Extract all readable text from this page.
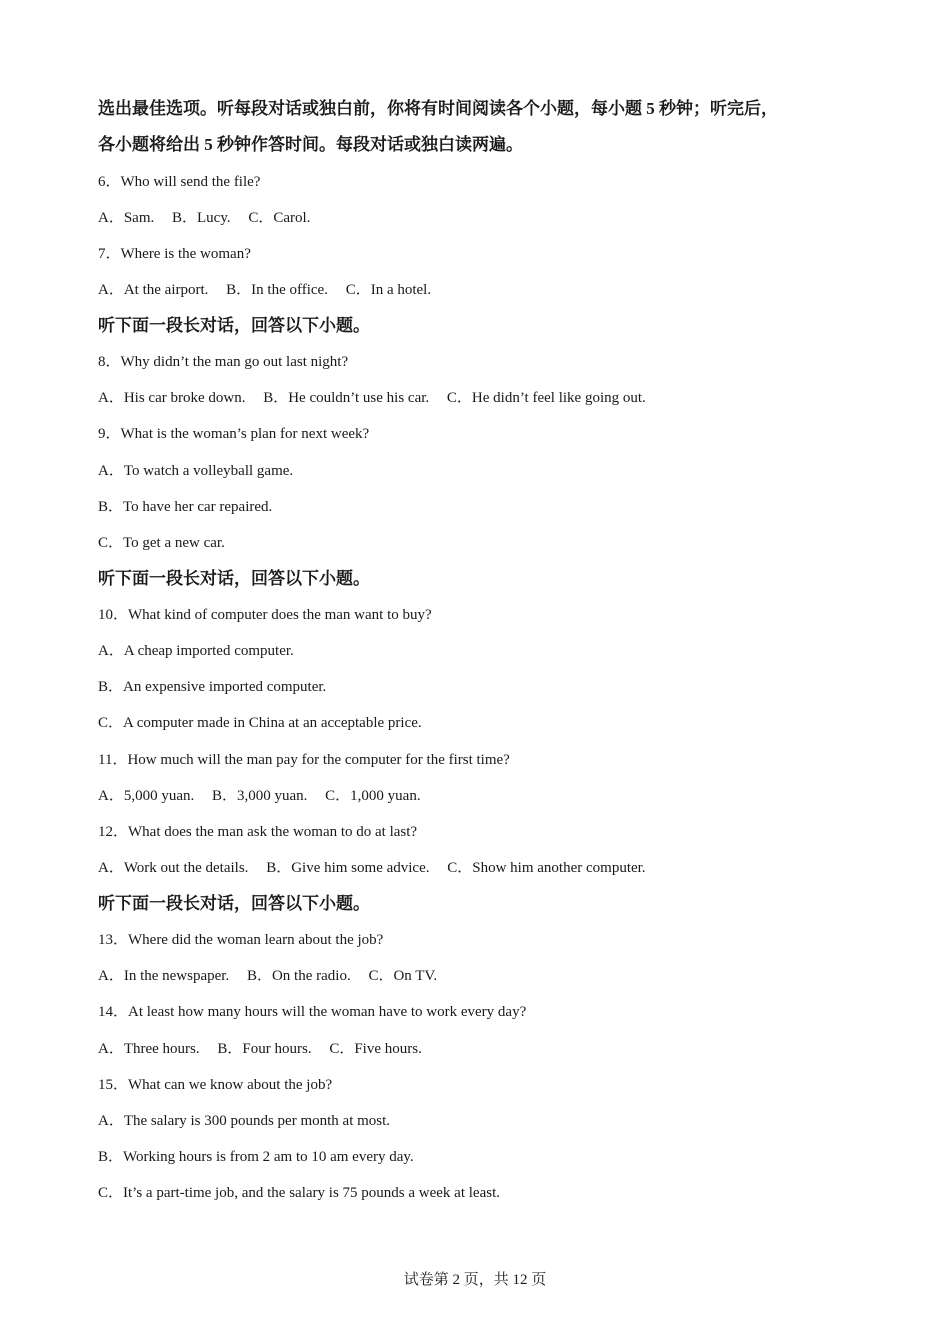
选出最佳选项。听每段对话或独白前，你将有时间阅读各个小题，每小题 5 秒钟；听完后，
各小题将给出 5 秒钟作答时间。每段对话或独白读两遍。
6．Who will send the file?
A．Sam. B．Lucy. C．Carol.
7．Where is the woman?
A．At the airport. B．In the office. C．In a hotel.
听下面一段长对话，回答以下小题。
8．Why didn’t the man go out last night?
A．His car broke down. B．He couldn’t use his car. C．He didn’t feel like going out.
9．What is the woman’s plan for next week?
A．To watch a volleyball game.
B．To have her car repaired.
C．To get a new car.
听下面一段长对话，回答以下小题。
10．What kind of computer does the man want to buy?
A．A cheap imported computer.
B．An expensive imported computer.
C．A computer made in China at an acceptable price.
11．How much will the man pay for the computer for the first time?
A．5,000 yuan. B．3,000 yuan. C．1,000 yuan.
12．What does the man ask the woman to do at last?
A．Work out the details. B．Give him some advice. C．Show him another computer.
听下面一段长对话，回答以下小题。
13．Where did the woman learn about the job?
A．In the newspaper. B．On the radio. C．On TV.
14．At least how many hours will the woman have to work every day?
A．Three hours. B．Four hours. C．Five hours.
15．What can we know about the job?
A．The salary is 300 pounds per month at most.
B．Working hours is from 2 am to 10 am every day.
C．It’s a part-time job, and the salary is 75 pounds a week at least.
试卷第 2 页，共 12 页
